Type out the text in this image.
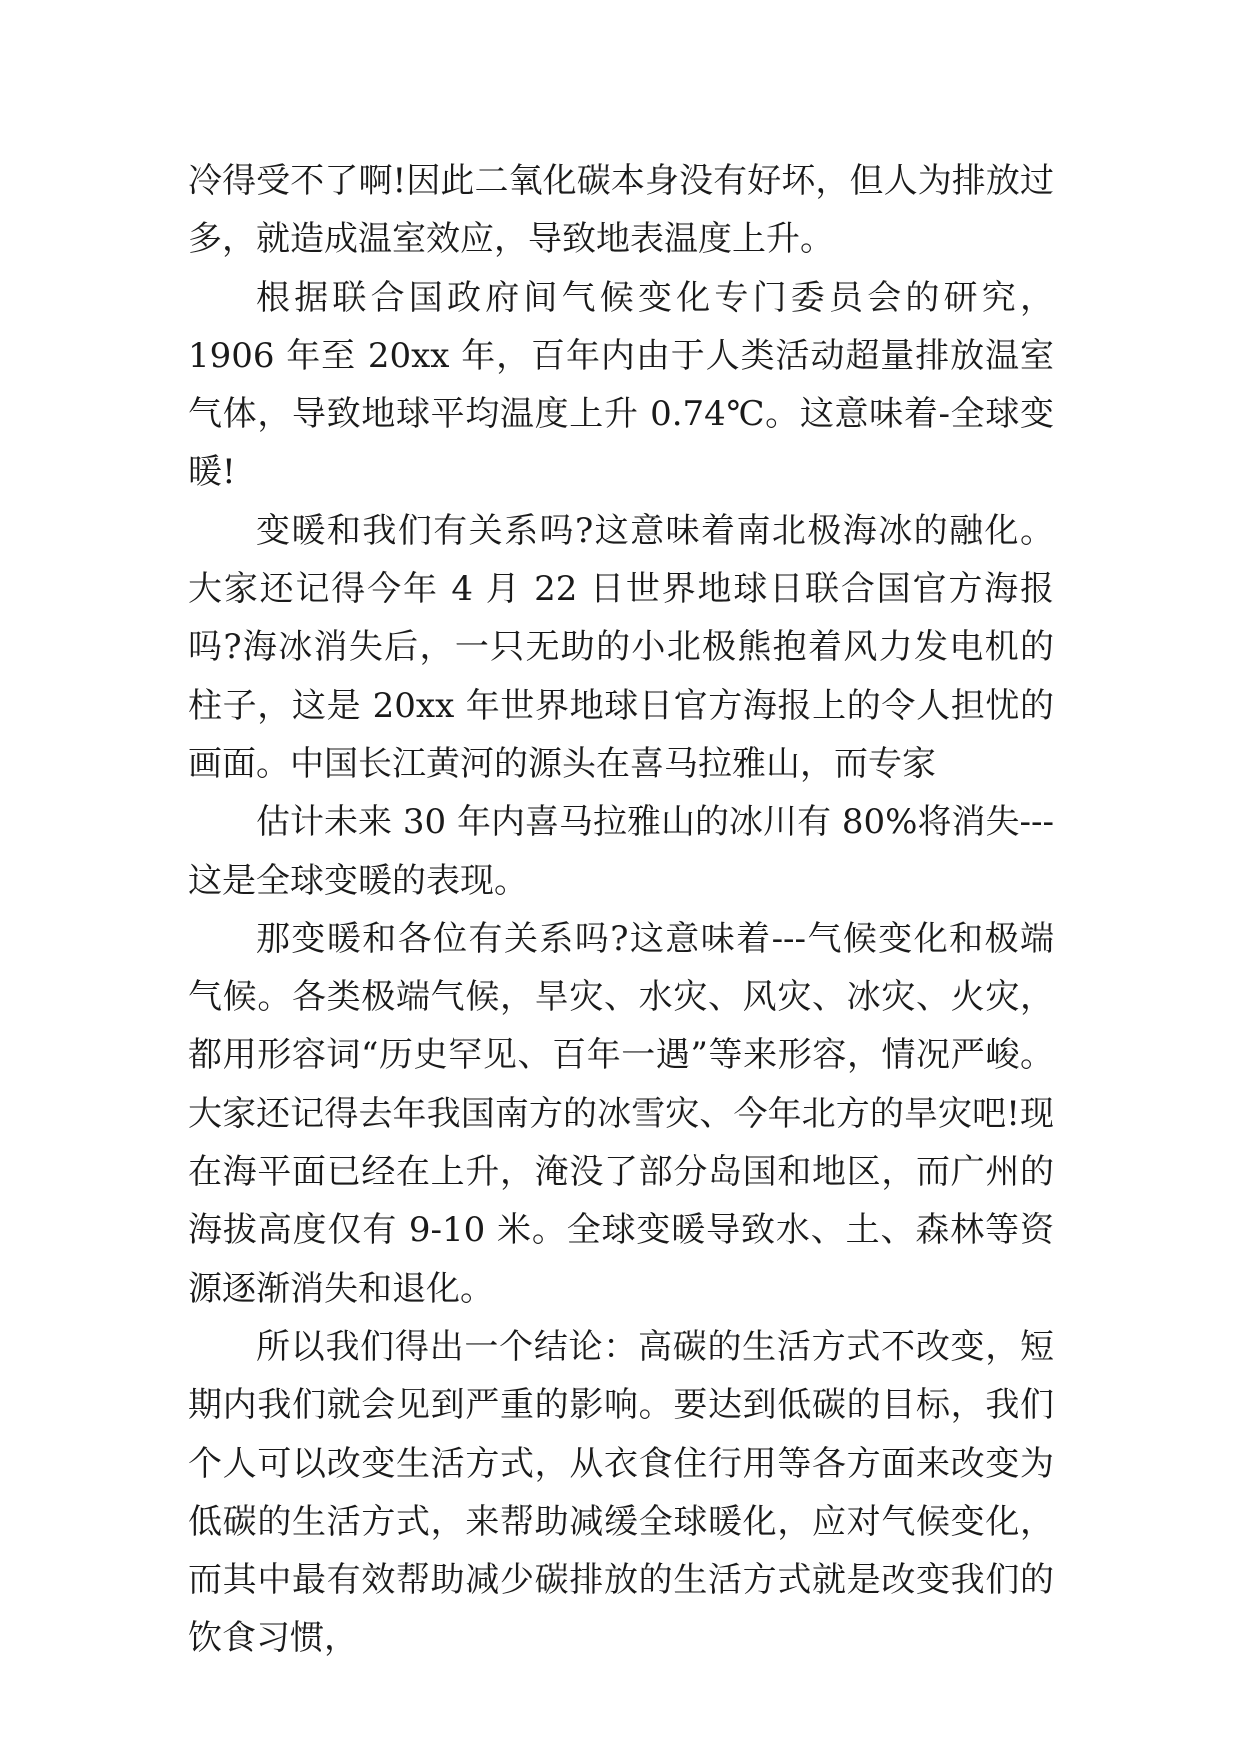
冷得受不了啊!因此二氧化碳本身没有好坏，但人为排放过多，就造成温室效应，导致地表温度上升。

根据联合国政府间气候变化专门委员会的研究，1906 年至 20xx 年，百年内由于人类活动超量排放温室气体，导致地球平均温度上升 0.74℃。这意味着-全球变暖!

变暖和我们有关系吗?这意味着南北极海冰的融化。大家还记得今年 4 月 22 日世界地球日联合国官方海报吗?海冰消失后，一只无助的小北极熊抱着风力发电机的柱子，这是 20xx 年世界地球日官方海报上的令人担忧的画面。中国长江黄河的源头在喜马拉雅山，而专家

估计未来 30 年内喜马拉雅山的冰川有 80%将消失---这是全球变暖的表现。

那变暖和各位有关系吗?这意味着---气候变化和极端气候。各类极端气候，旱灾、水灾、风灾、冰灾、火灾，都用形容词“历史罕见、百年一遇”等来形容，情况严峻。大家还记得去年我国南方的冰雪灾、今年北方的旱灾吧!现在海平面已经在上升，淹没了部分岛国和地区，而广州的海拔高度仅有 9-10 米。全球变暖导致水、土、森林等资源逐渐消失和退化。

所以我们得出一个结论：高碳的生活方式不改变，短期内我们就会见到严重的影响。要达到低碳的目标，我们个人可以改变生活方式，从衣食住行用等各方面来改变为低碳的生活方式，来帮助减缓全球暖化，应对气候变化，而其中最有效帮助减少碳排放的生活方式就是改变我们的饮食习惯，
